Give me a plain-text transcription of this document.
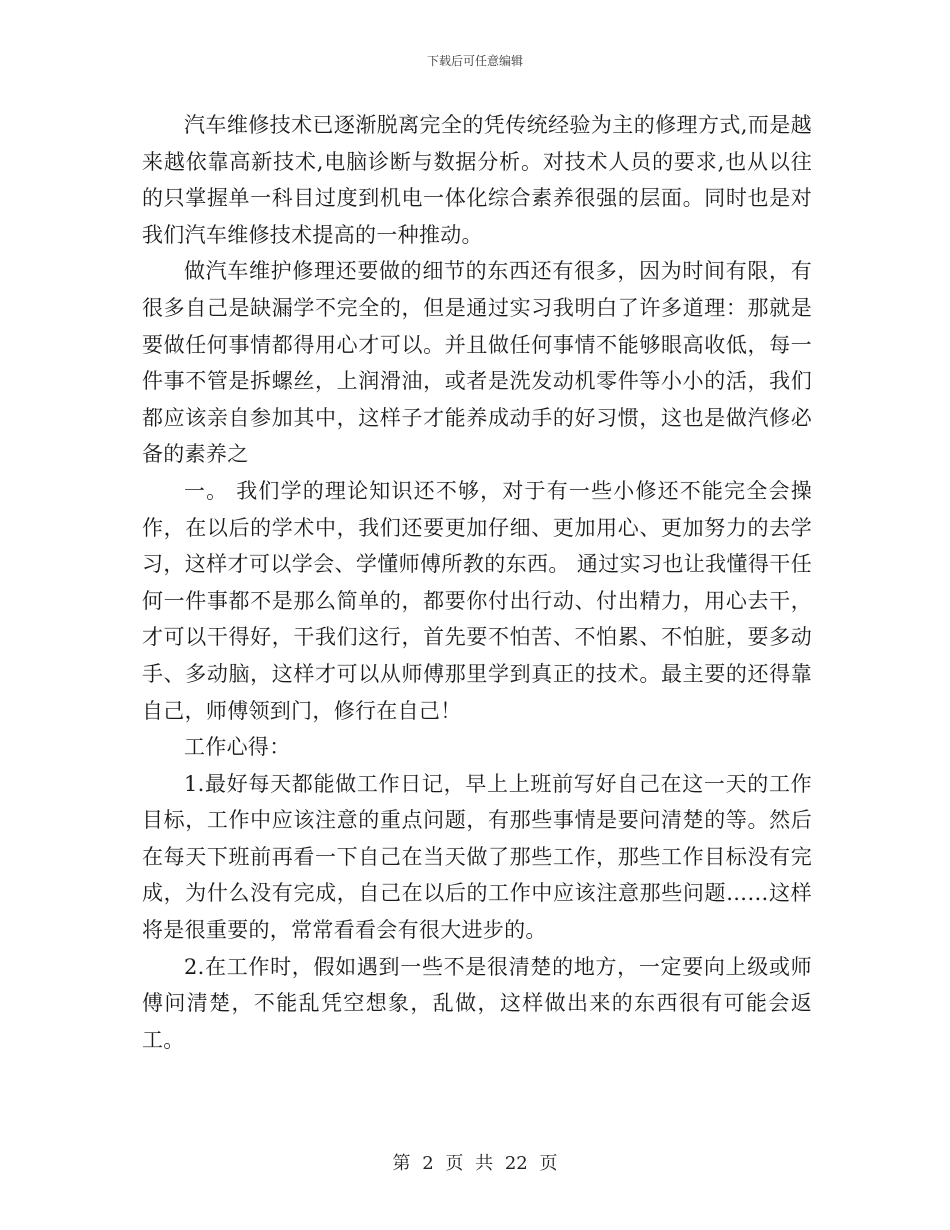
下载后可任意编辑

汽车维修技术已逐渐脱离完全的凭传统经验为主的修理方式,而是越来越依靠高新技术,电脑诊断与数据分析。对技术人员的要求,也从以往的只掌握单一科目过度到机电一体化综合素养很强的层面。同时也是对我们汽车维修技术提高的一种推动。

做汽车维护修理还要做的细节的东西还有很多，因为时间有限，有很多自己是缺漏学不完全的，但是通过实习我明白了许多道理：那就是要做任何事情都得用心才可以。并且做任何事情不能够眼高收低，每一件事不管是拆螺丝，上润滑油，或者是洗发动机零件等小小的活，我们都应该亲自参加其中，这样子才能养成动手的好习惯，这也是做汽修必备的素养之

一。 我们学的理论知识还不够，对于有一些小修还不能完全会操作，在以后的学术中，我们还要更加仔细、更加用心、更加努力的去学习，这样才可以学会、学懂师傅所教的东西。 通过实习也让我懂得干任何一件事都不是那么简单的，都要你付出行动、付出精力，用心去干，才可以干得好，干我们这行，首先要不怕苦、不怕累、不怕脏，要多动手、多动脑，这样才可以从师傅那里学到真正的技术。最主要的还得靠自己，师傅领到门，修行在自己！

工作心得：

1.最好每天都能做工作日记，早上上班前写好自己在这一天的工作目标，工作中应该注意的重点问题，有那些事情是要问清楚的等。然后在每天下班前再看一下自己在当天做了那些工作，那些工作目标没有完成，为什么没有完成，自己在以后的工作中应该注意那些问题……这样将是很重要的，常常看看会有很大进步的。

2.在工作时，假如遇到一些不是很清楚的地方，一定要向上级或师傅问清楚，不能乱凭空想象，乱做，这样做出来的东西很有可能会返工。

第 2 页 共 22 页
